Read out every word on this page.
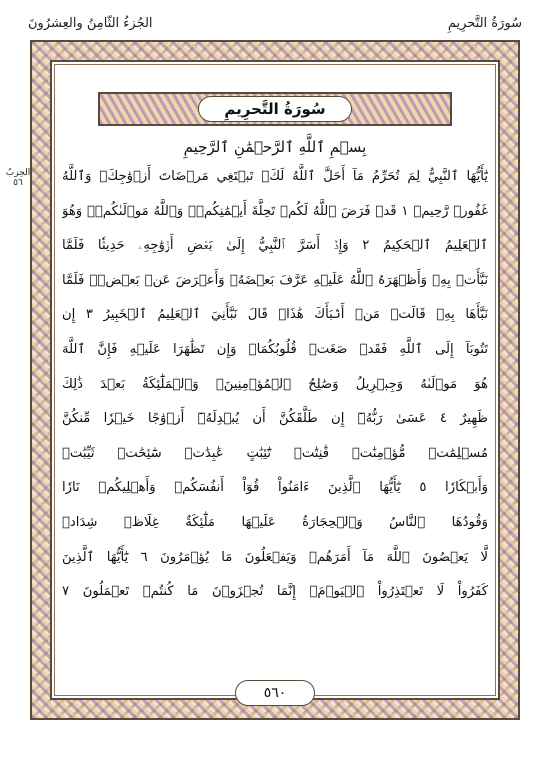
الجُزءُ الثّامِنُ والعِشرُونَ	سُورَةُ التَّحرِيمِ
الحِزبُ ٥٦
سُورَةُ التَّحرِيمِ
بِسۡمِ ٱللَّهِ ٱلرَّحۡمَٰنِ ٱلرَّحِيمِ
يَٰٓأَيُّهَا ٱلنَّبِيُّ لِمَ تُحَرِّمُ مَآ أَحَلَّ ٱللَّهُ لَكَۖ تَبۡتَغِي مَرۡضَاتَ أَزۡوَٰجِكَۚ وَٱللَّهُ
غَفُورٞ رَّحِيمٞ ١ قَدۡ فَرَضَ ٱللَّهُ لَكُمۡ تَحِلَّةَ أَيۡمَٰنِكُمۡۚ وَٱللَّهُ مَوۡلَىٰكُمۡۖ وَهُوَ
ٱلۡعَلِيمُ ٱلۡحَكِيمُ ٢ وَإِذۡ أَسَرَّ ٱلنَّبِيُّ إِلَىٰ بَعۡضِ أَزۡوَٰجِهِۦ حَدِيثٗا فَلَمَّا
نَبَّأَتۡ بِهِۦ وَأَظۡهَرَهُ ٱللَّهُ عَلَيۡهِ عَرَّفَ بَعۡضَهُۥ وَأَعۡرَضَ عَنۢ بَعۡضٖۖ فَلَمَّا
نَبَّأَهَا بِهِۦ قَالَتۡ مَنۡ أَنۢبَأَكَ هَٰذَاۖ قَالَ نَبَّأَنِيَ ٱلۡعَلِيمُ ٱلۡخَبِيرُ ٣ إِن
تَتُوبَآ إِلَى ٱللَّهِ فَقَدۡ صَغَتۡ قُلُوبُكُمَاۖ وَإِن تَظَٰهَرَا عَلَيۡهِ فَإِنَّ ٱللَّهَ
هُوَ مَوۡلَىٰهُ وَجِبۡرِيلُ وَصَٰلِحُ ٱلۡمُؤۡمِنِينَۖ وَٱلۡمَلَٰٓئِكَةُ بَعۡدَ ذَٰلِكَ
ظَهِيرٌ ٤ عَسَىٰ رَبُّهُۥٓ إِن طَلَّقَكُنَّ أَن يُبۡدِلَهُۥٓ أَزۡوَٰجًا خَيۡرٗا مِّنكُنَّ
مُسۡلِمَٰتٖ مُّؤۡمِنَٰتٖ قَٰنِتَٰتٖ تَٰٓئِبَٰتٍ عَٰبِدَٰتٖ سَٰٓئِحَٰتٖ ثَيِّبَٰتٖ
وَأَبۡكَارٗا ٥ يَٰٓأَيُّهَا ٱلَّذِينَ ءَامَنُواْ قُوٓاْ أَنفُسَكُمۡ وَأَهۡلِيكُمۡ نَارٗا
وَقُودُهَا ٱلنَّاسُ وَٱلۡحِجَارَةُ عَلَيۡهَا مَلَٰٓئِكَةٌ غِلَاظٞ شِدَادٞ
لَّا يَعۡصُونَ ٱللَّهَ مَآ أَمَرَهُمۡ وَيَفۡعَلُونَ مَا يُؤۡمَرُونَ ٦ يَٰٓأَيُّهَا ٱلَّذِينَ
كَفَرُواْ لَا تَعۡتَذِرُواْ ٱلۡيَوۡمَۖ إِنَّمَا تُجۡزَوۡنَ مَا كُنتُمۡ تَعۡمَلُونَ ٧
٥٦٠
